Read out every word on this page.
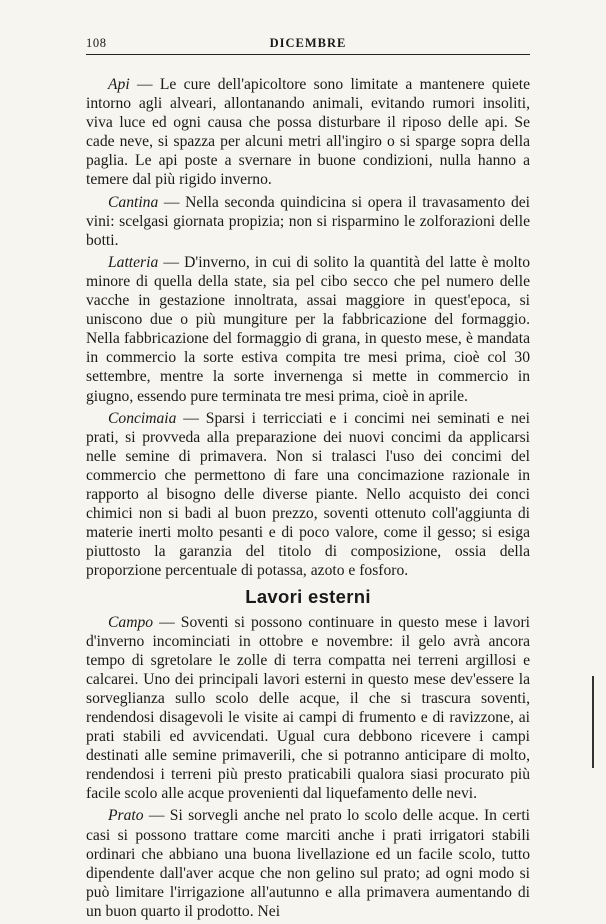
108	DICEMBRE

Api — Le cure dell'apicoltore sono limitate a mantenere quiete intorno agli alveari, allontanando animali, evitando rumori insoliti, viva luce ed ogni causa che possa disturbare il riposo delle api. Se cade neve, si spazza per alcuni metri all'ingiro o si sparge sopra della paglia. Le api poste a svernare in buone condizioni, nulla hanno a temere dal più rigido inverno.

Cantina — Nella seconda quindicina si opera il travasamento dei vini: scelgasi giornata propizia; non si risparmino le zolforazioni delle botti.

Latteria — D'inverno, in cui di solito la quantità del latte è molto minore di quella della state, sia pel cibo secco che pel numero delle vacche in gestazione innoltrata, assai maggiore in quest'epoca, si uniscono due o più mungiture per la fabbricazione del formaggio. Nella fabbricazione del formaggio di grana, in questo mese, è mandata in commercio la sorte estiva compita tre mesi prima, cioè col 30 settembre, mentre la sorte invernenga si mette in commercio in giugno, essendo pure terminata tre mesi prima, cioè in aprile.

Concimaia — Sparsi i terricciati e i concimi nei seminati e nei prati, si provveda alla preparazione dei nuovi concimi da applicarsi nelle semine di primavera. Non si tralasci l'uso dei concimi del commercio che permettono di fare una concimazione razionale in rapporto al bisogno delle diverse piante. Nello acquisto dei conci chimici non si badi al buon prezzo, soventi ottenuto coll'aggiunta di materie inerti molto pesanti e di poco valore, come il gesso; si esiga piuttosto la garanzia del titolo di composizione, ossia della proporzione percentuale di potassa, azoto e fosforo.

Lavori esterni

Campo — Soventi si possono continuare in questo mese i lavori d'inverno incominciati in ottobre e novembre: il gelo avrà ancora tempo di sgretolare le zolle di terra compatta nei terreni argillosi e calcarei. Uno dei principali lavori esterni in questo mese dev'essere la sorveglianza sullo scolo delle acque, il che si trascura soventi, rendendosi disagevoli le visite ai campi di frumento e di ravizzone, ai prati stabili ed avvicendati. Ugual cura debbono ricevere i campi destinati alle semine primaverili, che si potranno anticipare di molto, rendendosi i terreni più presto praticabili qualora siasi procurato più facile scolo alle acque provenienti dal liquefamento delle nevi.

Prato — Si sorvegli anche nel prato lo scolo delle acque. In certi casi si possono trattare come marciti anche i prati irrigatori stabili ordinari che abbiano una buona livellazione ed un facile scolo, tutto dipendente dall'aver acque che non gelino sul prato; ad ogni modo si può limitare l'irrigazione all'autunno e alla primavera aumentando di un buon quarto il prodotto. Nei
